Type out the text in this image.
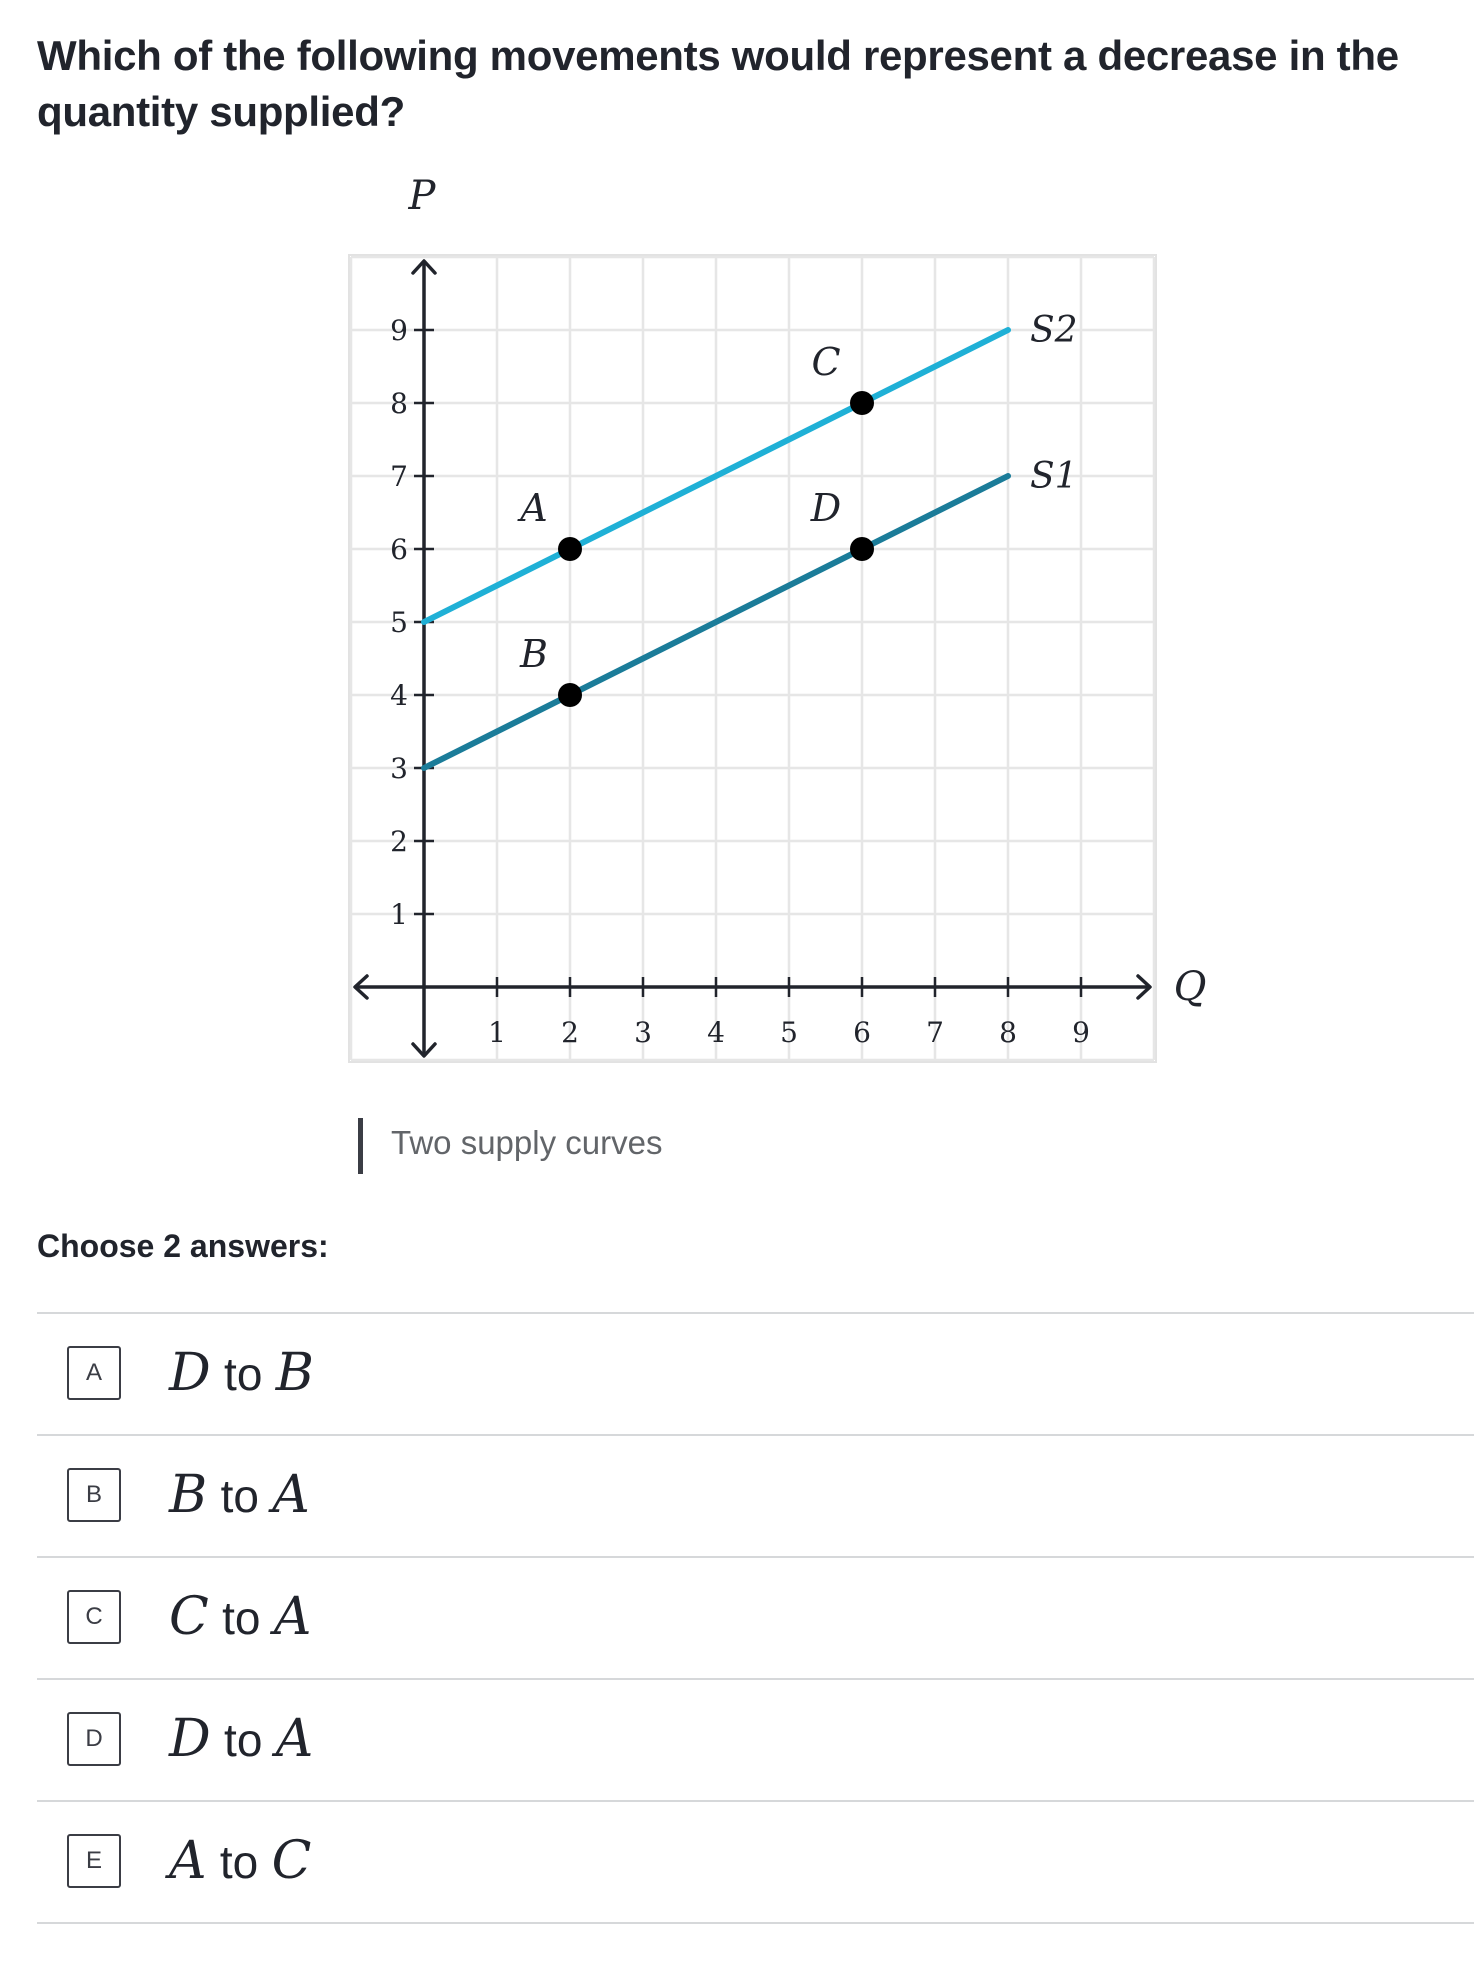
Which of the following movements would represent a decrease in the quantity supplied?
1 2 3 4 5 6 7 8 9
1
2
3
4
5
6
7
8
9
P
Q
S2
S1
A
B
C
D
Two supply curves
Choose 2 answers:
A	D to B
B	B to A
C	C to A
D	D to A
E	A to C
